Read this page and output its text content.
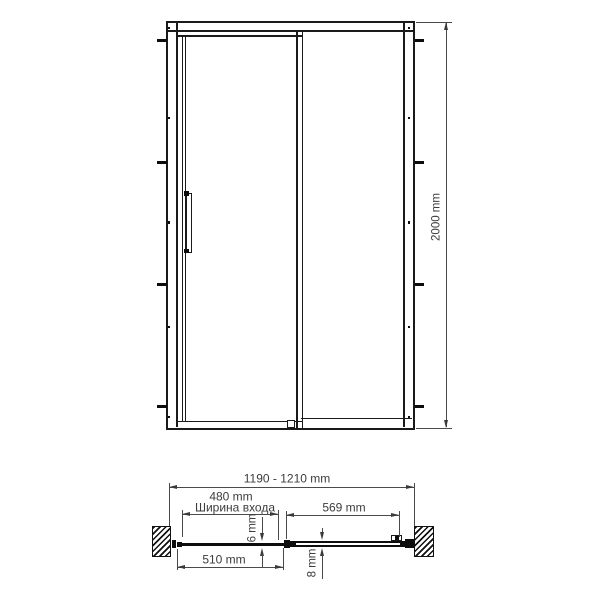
2000 mm
1190 - 1210 mm
480 mm
Ширина входа	569 mm
510 mm
6 mm
8 mm
